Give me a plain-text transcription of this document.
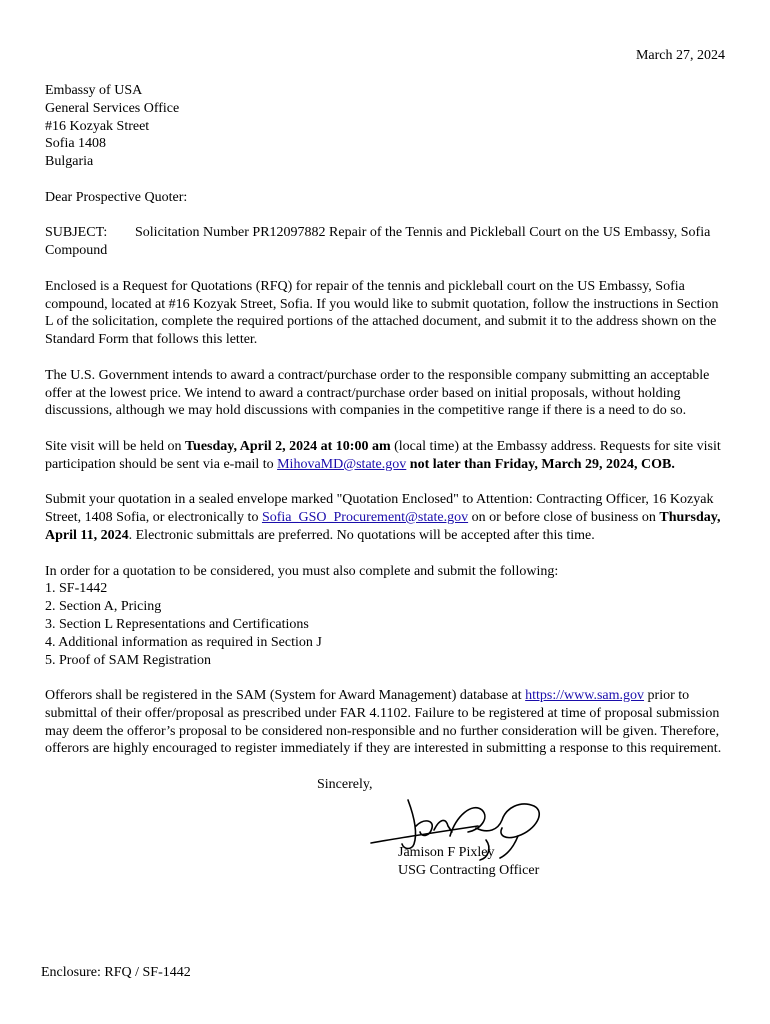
March 27, 2024

Embassy of USA

General Services Office

#16 Kozyak Street

Sofia 1408

Bulgaria

Dear Prospective Quoter:

SUBJECT: Solicitation Number PR12097882 Repair of the Tennis and Pickleball Court on the US Embassy, Sofia Compound

Enclosed is a Request for Quotations (RFQ) for repair of the tennis and pickleball court on the US Embassy, Sofia compound, located at #16 Kozyak Street, Sofia. If you would like to submit quotation, follow the instructions in Section L of the solicitation, complete the required portions of the attached document, and submit it to the address shown on the Standard Form that follows this letter.

The U.S. Government intends to award a contract/purchase order to the responsible company submitting an acceptable offer at the lowest price. We intend to award a contract/purchase order based on initial proposals, without holding discussions, although we may hold discussions with companies in the competitive range if there is a need to do so.

Site visit will be held on Tuesday, April 2, 2024 at 10:00 am (local time) at the Embassy address. Requests for site visit participation should be sent via e-mail to MihovaMD@state.gov not later than Friday, March 29, 2024, COB.

Submit your quotation in a sealed envelope marked "Quotation Enclosed" to Attention: Contracting Officer, 16 Kozyak Street, 1408 Sofia, or electronically to Sofia_GSO_Procurement@state.gov on or before close of business on Thursday, April 11, 2024. Electronic submittals are preferred. No quotations will be accepted after this time.

In order for a quotation to be considered, you must also complete and submit the following:

1. SF-1442

2. Section A, Pricing

3. Section L Representations and Certifications

4. Additional information as required in Section J

5. Proof of SAM Registration

Offerors shall be registered in the SAM (System for Award Management) database at https://www.sam.gov prior to submittal of their offer/proposal as prescribed under FAR 4.1102. Failure to be registered at time of proposal submission may deem the offeror’s proposal to be considered non-responsible and no further consideration will be given. Therefore, offerors are highly encouraged to register immediately if they are interested in submitting a response to this requirement.

Sincerely,

Jamison F Pixley

USG Contracting Officer

Enclosure: RFQ / SF-1442
